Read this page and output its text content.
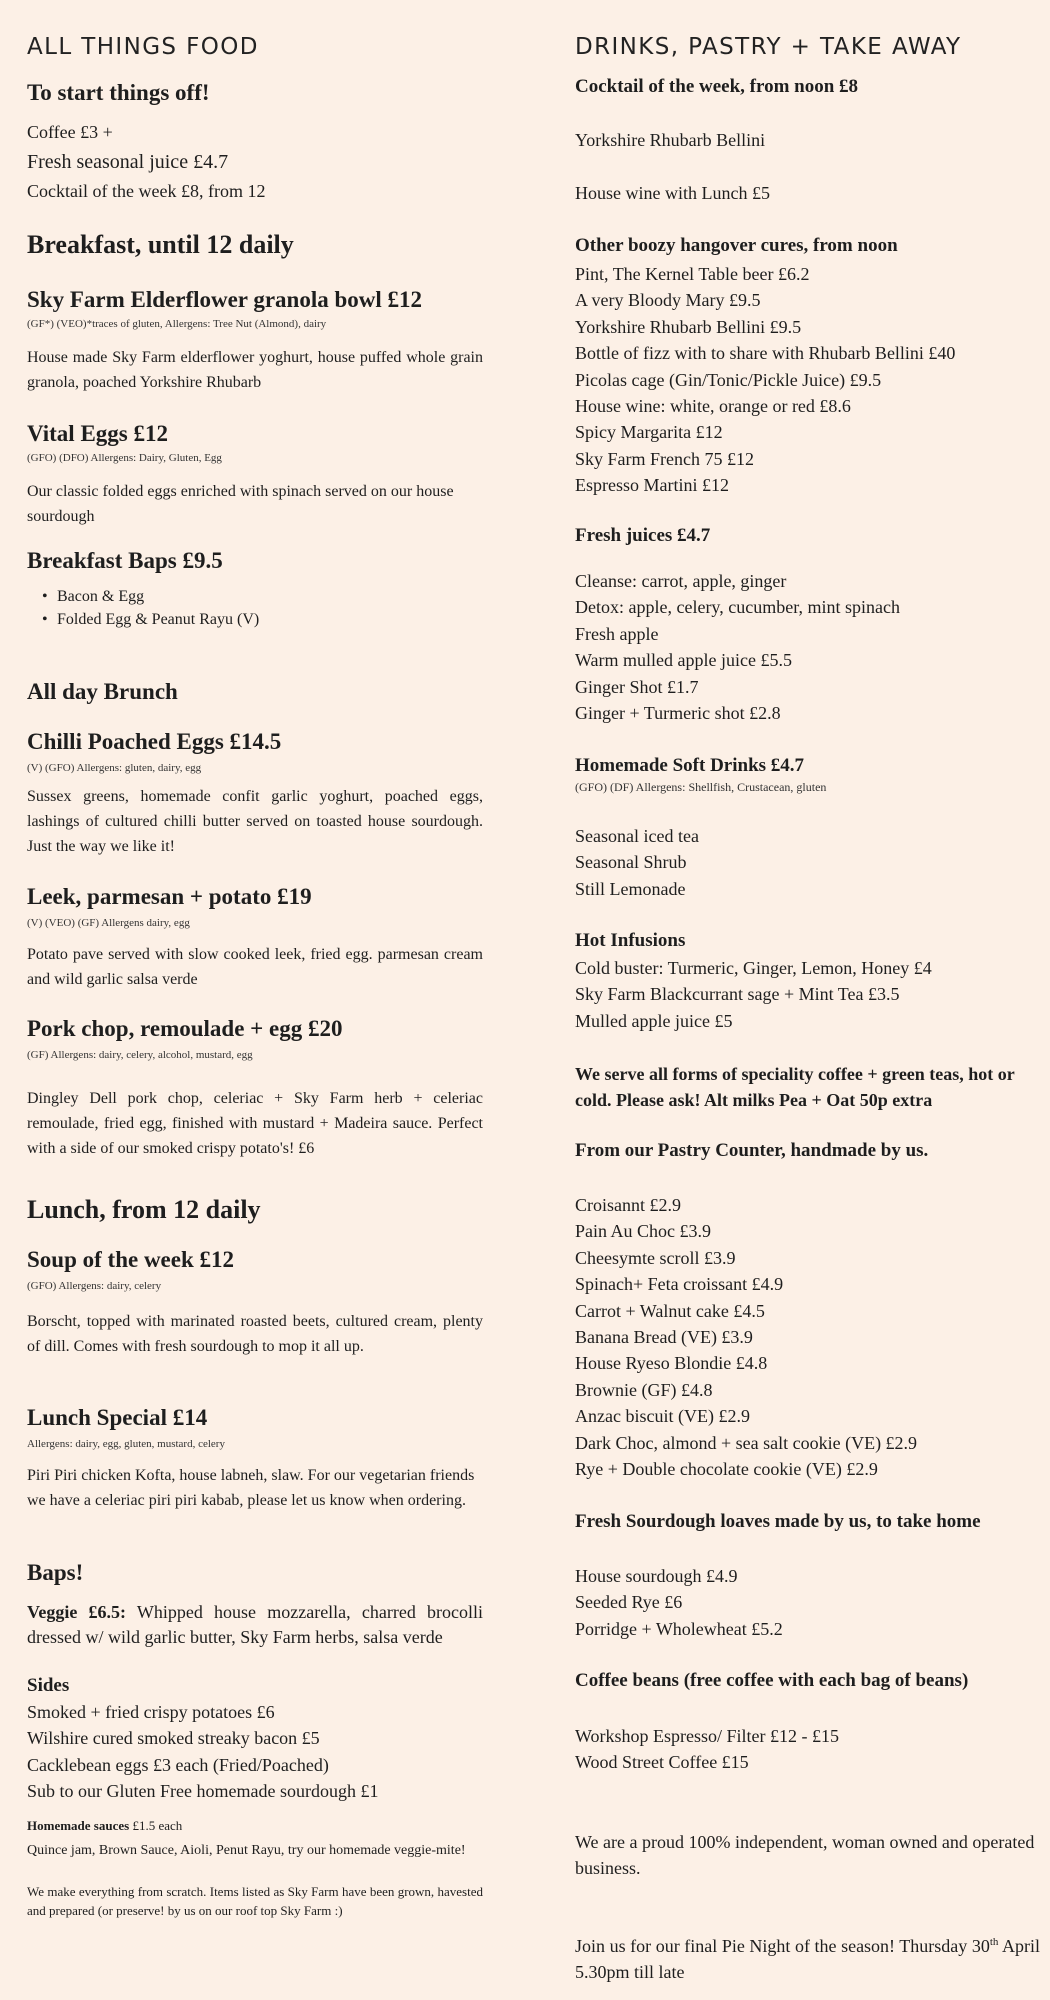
ALL THINGS FOOD
To start things off!
Coffee £3 +
Fresh seasonal juice £4.7
Cocktail of the week £8, from 12
Breakfast, until 12 daily
Sky Farm Elderflower granola bowl £12
(GF*) (VEO)*traces of gluten, Allergens: Tree Nut (Almond), dairy
House made Sky Farm elderflower yoghurt, house puffed whole grain granola, poached Yorkshire Rhubarb
Vital Eggs £12
(GFO) (DFO) Allergens: Dairy, Gluten, Egg
Our classic folded eggs enriched with spinach served on our house sourdough
Breakfast Baps £9.5
• Bacon & Egg
• Folded Egg & Peanut Rayu (V)
All day Brunch
Chilli Poached Eggs £14.5
(V) (GFO) Allergens: gluten, dairy, egg
Sussex greens, homemade confit garlic yoghurt, poached eggs, lashings of cultured chilli butter served on toasted house sourdough. Just the way we like it!
Leek, parmesan + potato £19
(V) (VEO) (GF) Allergens dairy, egg
Potato pave served with slow cooked leek, fried egg. parmesan cream and wild garlic salsa verde
Pork chop, remoulade + egg £20
(GF) Allergens: dairy, celery, alcohol, mustard, egg
Dingley Dell pork chop, celeriac + Sky Farm herb + celeriac remoulade, fried egg, finished with mustard + Madeira sauce. Perfect with a side of our smoked crispy potato's! £6
Lunch, from 12 daily
Soup of the week £12
(GFO) Allergens: dairy, celery
Borscht, topped with marinated roasted beets, cultured cream, plenty of dill. Comes with fresh sourdough to mop it all up.
Lunch Special £14
Allergens: dairy, egg, gluten, mustard, celery
Piri Piri chicken Kofta, house labneh, slaw. For our vegetarian friends we have a celeriac piri piri kabab, please let us know when ordering.
Baps!
Veggie £6.5: Whipped house mozzarella, charred brocolli dressed w/ wild garlic butter, Sky Farm herbs, salsa verde
Sides
Smoked + fried crispy potatoes £6
Wilshire cured smoked streaky bacon £5
Cacklebean eggs £3 each (Fried/Poached)
Sub to our Gluten Free homemade sourdough £1
Homemade sauces £1.5 each
Quince jam, Brown Sauce, Aioli, Penut Rayu, try our homemade veggie-mite!
We make everything from scratch. Items listed as Sky Farm have been grown, havested and prepared (or preserve! by us on our roof top Sky Farm :)
DRINKS, PASTRY + TAKE AWAY
Cocktail of the week, from noon £8
Yorkshire Rhubarb Bellini
House wine with Lunch £5
Other boozy hangover cures, from noon
Pint, The Kernel Table beer £6.2
A very Bloody Mary £9.5
Yorkshire Rhubarb Bellini £9.5
Bottle of fizz with to share with Rhubarb Bellini £40
Picolas cage (Gin/Tonic/Pickle Juice) £9.5
House wine: white, orange or red £8.6
Spicy Margarita £12
Sky Farm French 75 £12
Espresso Martini £12
Fresh juices £4.7
Cleanse: carrot, apple, ginger
Detox: apple, celery, cucumber, mint spinach
Fresh apple
Warm mulled apple juice £5.5
Ginger Shot £1.7
Ginger + Turmeric shot £2.8
Homemade Soft Drinks £4.7
(GFO) (DF) Allergens: Shellfish, Crustacean, gluten
Seasonal iced tea
Seasonal Shrub
Still Lemonade
Hot Infusions
Cold buster: Turmeric, Ginger, Lemon, Honey £4
Sky Farm Blackcurrant sage + Mint Tea £3.5
Mulled apple juice £5
We serve all forms of speciality coffee + green teas, hot or cold. Please ask! Alt milks Pea + Oat 50p extra
From our Pastry Counter, handmade by us.
Croisannt £2.9
Pain Au Choc £3.9
Cheesymte scroll £3.9
Spinach+ Feta croissant £4.9
Carrot + Walnut cake £4.5
Banana Bread (VE) £3.9
House Ryeso Blondie £4.8
Brownie (GF) £4.8
Anzac biscuit (VE) £2.9
Dark Choc, almond + sea salt cookie (VE) £2.9
Rye + Double chocolate cookie (VE) £2.9
Fresh Sourdough loaves made by us, to take home
House sourdough £4.9
Seeded Rye £6
Porridge + Wholewheat £5.2
Coffee beans (free coffee with each bag of beans)
Workshop Espresso/ Filter £12 - £15
Wood Street Coffee £15
We are a proud 100% independent, woman owned and operated business.
Join us for our final Pie Night of the season! Thursday 30th April 5.30pm till late
